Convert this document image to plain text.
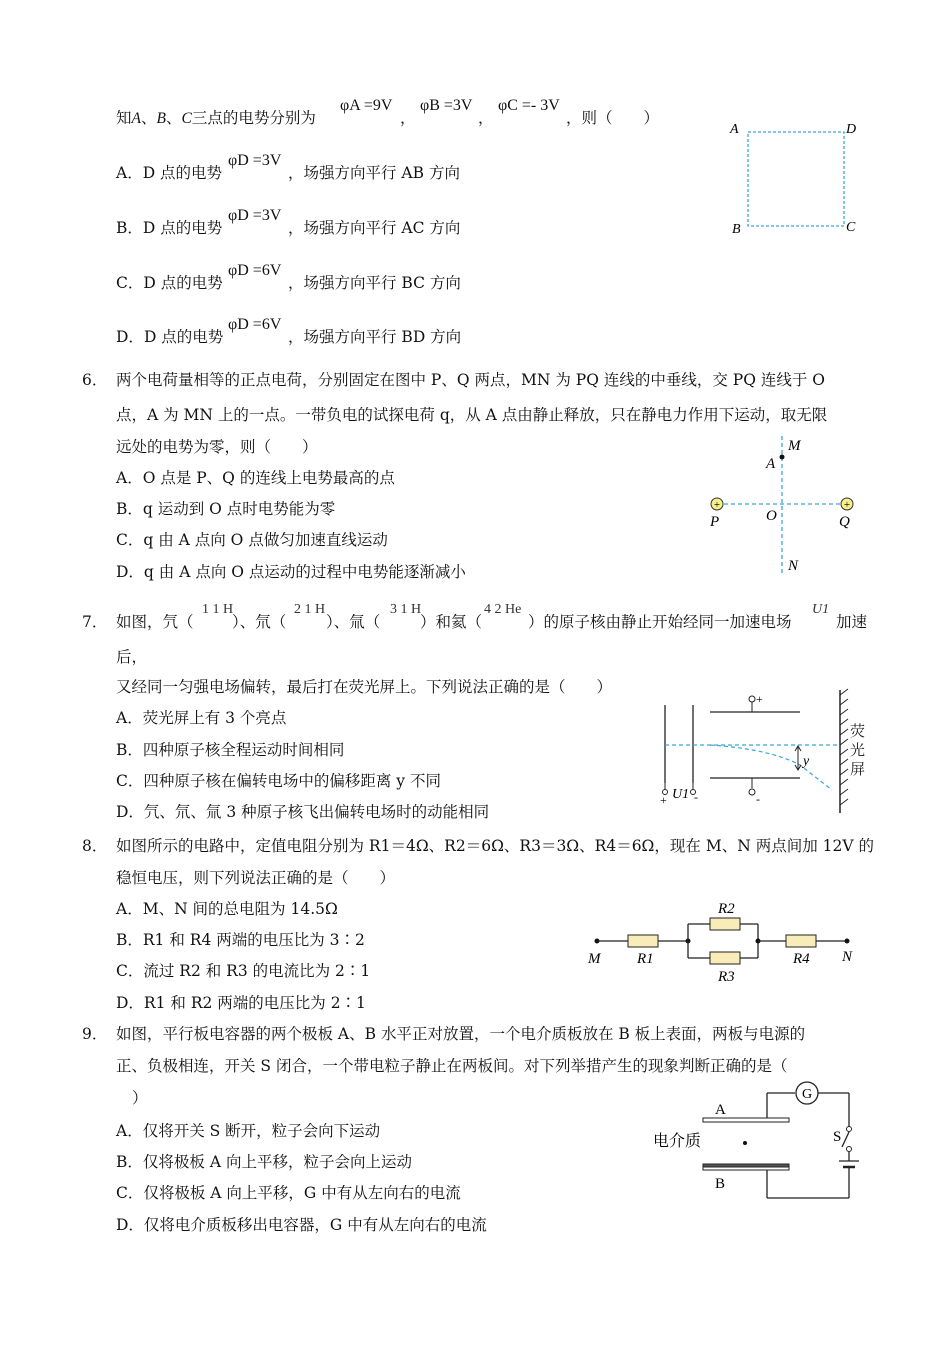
知A、B、C三点的电势分别为
φA =9V
，
φB =3V
，
φC =- 3V
，则（　　）
A．D 点的电势
φD =3V
，场强方向平行 AB 方向
B．D 点的电势
φD =3V
，场强方向平行 AC 方向
C．D 点的电势
φD =6V
，场强方向平行 BC 方向
D．D 点的电势
φD =6V
，场强方向平行 BD 方向
A	D
B	C
6． 两个电荷量相等的正点电荷，分别固定在图中 P、Q 两点，MN 为 PQ 连线的中垂线，交 PQ 连线于 O
点，A 为 MN 上的一点。一带负电的试探电荷 q，从 A 点由静止释放，只在静电力作用下运动，取无限
远处的电势为零，则（　　）
A．O 点是 P、Q 的连线上电势最高的点
B．q 运动到 O 点时电势能为零
C．q 由 A 点向 O 点做匀加速直线运动
D．q 由 A 点向 O 点运动的过程中电势能逐渐减小
+	+
M
A
P	O	Q
N
7． 如图，氕（
1 1 H
）、氘（
2 1 H
）、氚（
3 1 H
）和氦（
4 2 He
）的原子核由静止开始经同一加速电场
U1
加速
后，
又经同一匀强电场偏转，最后打在荧光屏上。下列说法正确的是（　　）
A．荧光屏上有 3 个亮点
B．四种原子核全程运动时间相同
C．四种原子核在偏转电场中的偏移距离 y 不同
D．氕、氘、氚 3 种原子核飞出偏转电场时的动能相同
+
-
+ U1 -
y
荧光屏
8． 如图所示的电路中，定值电阻分别为 R1＝4Ω、R2＝6Ω、R3＝3Ω、R4＝6Ω，现在 M、N 两点间加 12V 的
稳恒电压，则下列说法正确的是（　　）
A．M、N 间的总电阻为 14.5Ω
B．R1 和 R4 两端的电压比为 3∶2
C．流过 R2 和 R3 的电流比为 2∶1
D．R1 和 R2 两端的电压比为 2∶1
M R1
R2
R3
R4 N
9． 如图，平行板电容器的两个极板 A、B 水平正对放置，一个电介质板放在 B 板上表面，两板与电源的
正、负极相连，开关 S 闭合，一个带电粒子静止在两板间。对下列举措产生的现象判断正确的是（
）
A．仅将开关 S 断开，粒子会向下运动
B．仅将极板 A 向上平移，粒子会向上运动
C．仅将极板 A 向上平移，G 中有从左向右的电流
D．仅将电介质板移出电容器，G 中有从左向右的电流
G
A
B
S
电介质
